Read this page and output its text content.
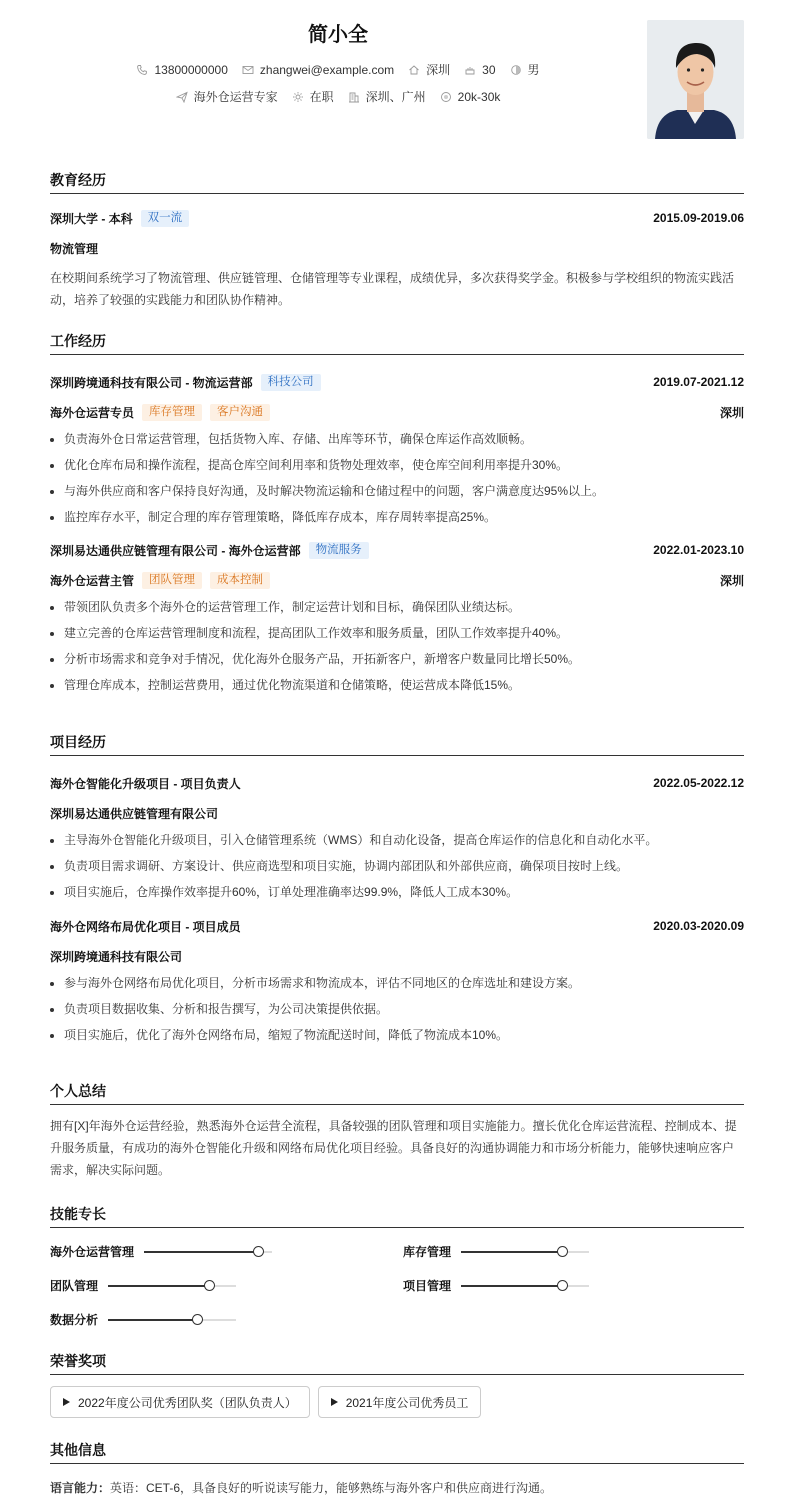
简小全
13800000000	zhangwei@example.com	深圳	30	男
海外仓运营专家	在职	深圳、广州	20k-30k
教育经历
深圳大学 - 本科	双一流	2015.09-2019.06
物流管理
在校期间系统学习了物流管理、供应链管理、仓储管理等专业课程，成绩优异，多次获得奖学金。积极参与学校组织的物流实践活动，培养了较强的实践能力和团队协作精神。
工作经历
深圳跨境通科技有限公司 - 物流运营部	科技公司	2019.07-2021.12
海外仓运营专员	库存管理	客户沟通	深圳
• 负责海外仓日常运营管理，包括货物入库、存储、出库等环节，确保仓库运作高效顺畅。
• 优化仓库布局和操作流程，提高仓库空间利用率和货物处理效率，使仓库空间利用率提升30%。
• 与海外供应商和客户保持良好沟通，及时解决物流运输和仓储过程中的问题，客户满意度达95%以上。
• 监控库存水平，制定合理的库存管理策略，降低库存成本，库存周转率提高25%。
深圳易达通供应链管理有限公司 - 海外仓运营部	物流服务	2022.01-2023.10
海外仓运营主管	团队管理	成本控制	深圳
• 带领团队负责多个海外仓的运营管理工作，制定运营计划和目标，确保团队业绩达标。
• 建立完善的仓库运营管理制度和流程，提高团队工作效率和服务质量，团队工作效率提升40%。
• 分析市场需求和竞争对手情况，优化海外仓服务产品，开拓新客户，新增客户数量同比增长50%。
• 管理仓库成本，控制运营费用，通过优化物流渠道和仓储策略，使运营成本降低15%。
项目经历
海外仓智能化升级项目 - 项目负责人	2022.05-2022.12
深圳易达通供应链管理有限公司
• 主导海外仓智能化升级项目，引入仓储管理系统（WMS）和自动化设备，提高仓库运作的信息化和自动化水平。
• 负责项目需求调研、方案设计、供应商选型和项目实施，协调内部团队和外部供应商，确保项目按时上线。
• 项目实施后，仓库操作效率提升60%，订单处理准确率达99.9%，降低人工成本30%。
海外仓网络布局优化项目 - 项目成员	2020.03-2020.09
深圳跨境通科技有限公司
• 参与海外仓网络布局优化项目，分析市场需求和物流成本，评估不同地区的仓库选址和建设方案。
• 负责项目数据收集、分析和报告撰写，为公司决策提供依据。
• 项目实施后，优化了海外仓网络布局，缩短了物流配送时间，降低了物流成本10%。
个人总结
拥有[X]年海外仓运营经验，熟悉海外仓运营全流程，具备较强的团队管理和项目实施能力。擅长优化仓库运营流程、控制成本、提升服务质量，有成功的海外仓智能化升级和网络布局优化项目经验。具备良好的沟通协调能力和市场分析能力，能够快速响应客户需求，解决实际问题。
技能专长
海外仓运营管理	库存管理
团队管理	项目管理
数据分析
荣誉奖项
2022年度公司优秀团队奖（团队负责人）	2021年度公司优秀员工
其他信息
语言能力：英语：CET-6，具备良好的听说读写能力，能够熟练与海外客户和供应商进行沟通。
